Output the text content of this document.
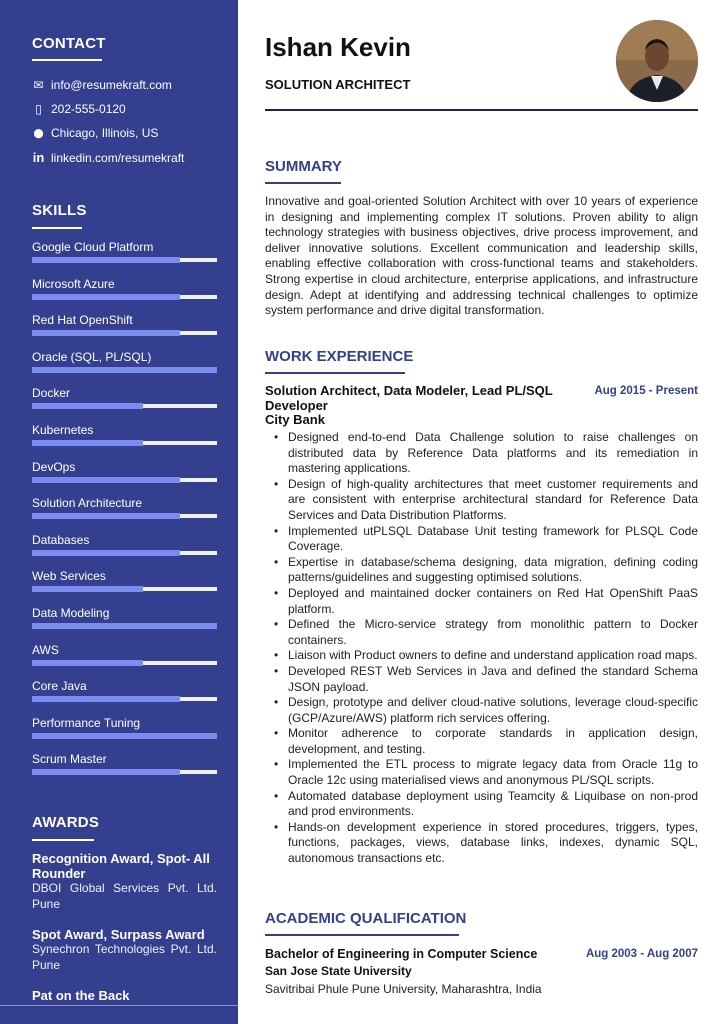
CONTACT
✉ info@resumekraft.com
▯ 202-555-0120
⬤ Chicago, Illinois, US
in linkedin.com/resumekraft
SKILLS
Google Cloud Platform
Microsoft Azure
Red Hat OpenShift
Oracle (SQL, PL/SQL)
Docker
Kubernetes
DevOps
Solution Architecture
Databases
Web Services
Data Modeling
AWS
Core Java
Performance Tuning
Scrum Master
AWARDS
Recognition Award, Spot- All Rounder
DBOI Global Services Pvt. Ltd. Pune
Spot Award, Surpass Award
Synechron Technologies Pvt. Ltd. Pune
Pat on the Back
Ishan Kevin
SOLUTION ARCHITECT
SUMMARY
Innovative and goal-oriented Solution Architect with over 10 years of experience in designing and implementing complex IT solutions. Proven ability to align technology strategies with business objectives, drive process improvement, and deliver innovative solutions. Excellent communication and leadership skills, enabling effective collaboration with cross-functional teams and stakeholders. Strong expertise in cloud architecture, enterprise applications, and infrastructure design. Adept at identifying and addressing technical challenges to optimize system performance and drive digital transformation.
WORK EXPERIENCE
Solution Architect, Data Modeler, Lead PL/SQL Developer
City Bank
Aug 2015 - Present
• Designed end-to-end Data Challenge solution to raise challenges on distributed data by Reference Data platforms and its remediation in mastering applications.
• Design of high-quality architectures that meet customer requirements and are consistent with enterprise architectural standard for Reference Data Services and Data Distribution Platforms.
• Implemented utPLSQL Database Unit testing framework for PLSQL Code Coverage.
• Expertise in database/schema designing, data migration, defining coding patterns/guidelines and suggesting optimised solutions.
• Deployed and maintained docker containers on Red Hat OpenShift PaaS platform.
• Defined the Micro-service strategy from monolithic pattern to Docker containers.
• Liaison with Product owners to define and understand application road maps.
• Developed REST Web Services in Java and defined the standard Schema JSON payload.
• Design, prototype and deliver cloud-native solutions, leverage cloud-specific (GCP/Azure/AWS) platform rich services offering.
• Monitor adherence to corporate standards in application design, development, and testing.
• Implemented the ETL process to migrate legacy data from Oracle 11g to Oracle 12c using materialised views and anonymous PL/SQL scripts.
• Automated database deployment using Teamcity & Liquibase on non-prod and prod environments.
• Hands-on development experience in stored procedures, triggers, types, functions, packages, views, database links, indexes, dynamic SQL, autonomous transactions etc.
ACADEMIC QUALIFICATION
Bachelor of Engineering in Computer Science	Aug 2003 - Aug 2007
San Jose State University
Savitribai Phule Pune University, Maharashtra, India
